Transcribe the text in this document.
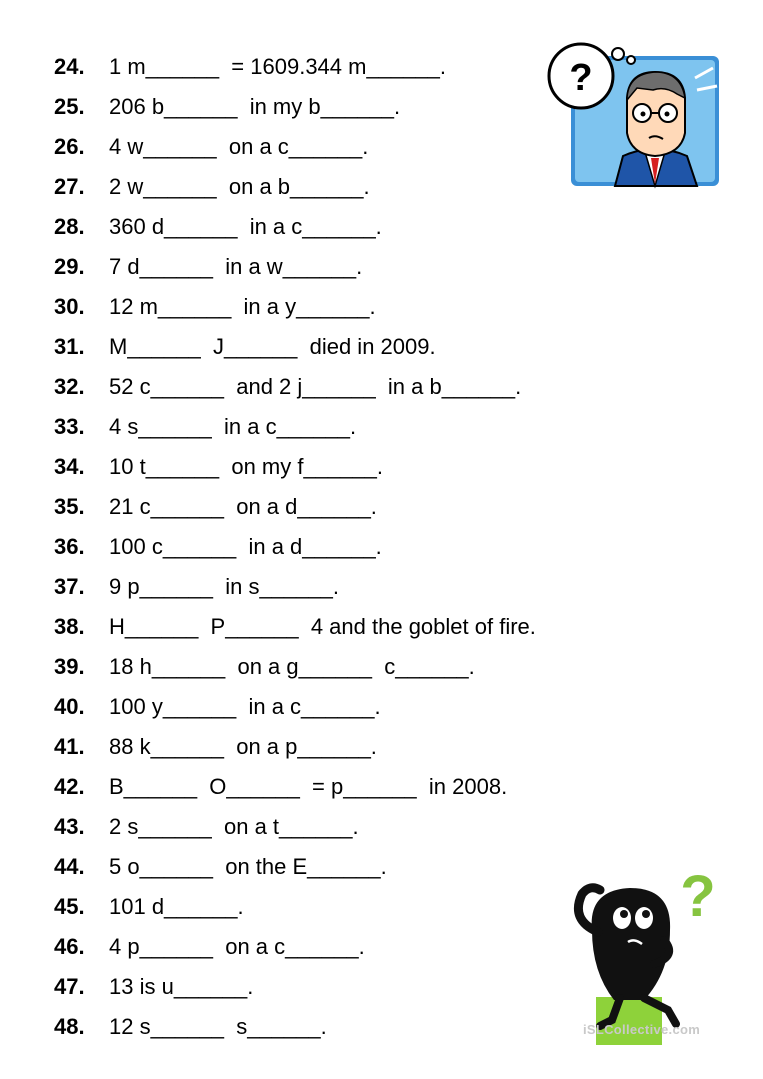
24. 1 m______  = 1609.344 m______.
25. 206 b______  in my b______.
26. 4 w______  on a c______.
27. 2 w______  on a b______.
28. 360 d______  in a c______.
29. 7 d______  in a w______.
30. 12 m______  in a y______.
31. M______  J______  died in 2009.
32. 52 c______  and 2 j______  in a b______.
33. 4 s______  in a c______.
34. 10 t______  on my f______.
35. 21 c______  on a d______.
36. 100 c______  in a d______.
37. 9 p______  in s______.
38. H______  P______  4 and the goblet of fire.
39. 18 h______  on a g______  c______.
40. 100 y______  in a c______.
41. 88 k______  on a p______.
42. B______  O______  = p______  in 2008.
43. 2 s______  on a t______.
44. 5 o______  on the E______.
45. 101 d______.
46. 4 p______  on a c______.
47. 13 is u______.
48. 12 s______  s______.
?
?
iSLCollective.com
